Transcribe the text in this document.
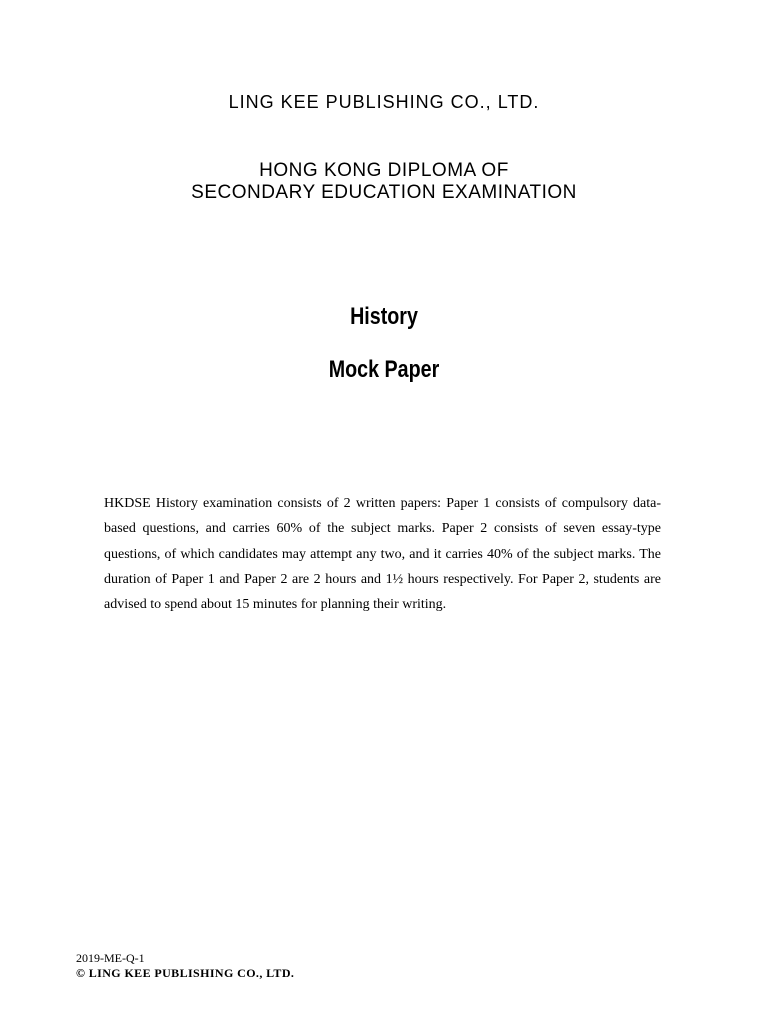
LING KEE PUBLISHING CO., LTD.
HONG KONG DIPLOMA OF
SECONDARY EDUCATION EXAMINATION
History
Mock Paper
HKDSE History examination consists of 2 written papers: Paper 1 consists of compulsory data-based questions, and carries 60% of the subject marks. Paper 2 consists of seven essay-type questions, of which candidates may attempt any two, and it carries 40% of the subject marks. The duration of Paper 1 and Paper 2 are 2 hours and 1½ hours respectively. For Paper 2, students are advised to spend about 15 minutes for planning their writing.
2019-ME-Q-1
© LING KEE PUBLISHING CO., LTD.
